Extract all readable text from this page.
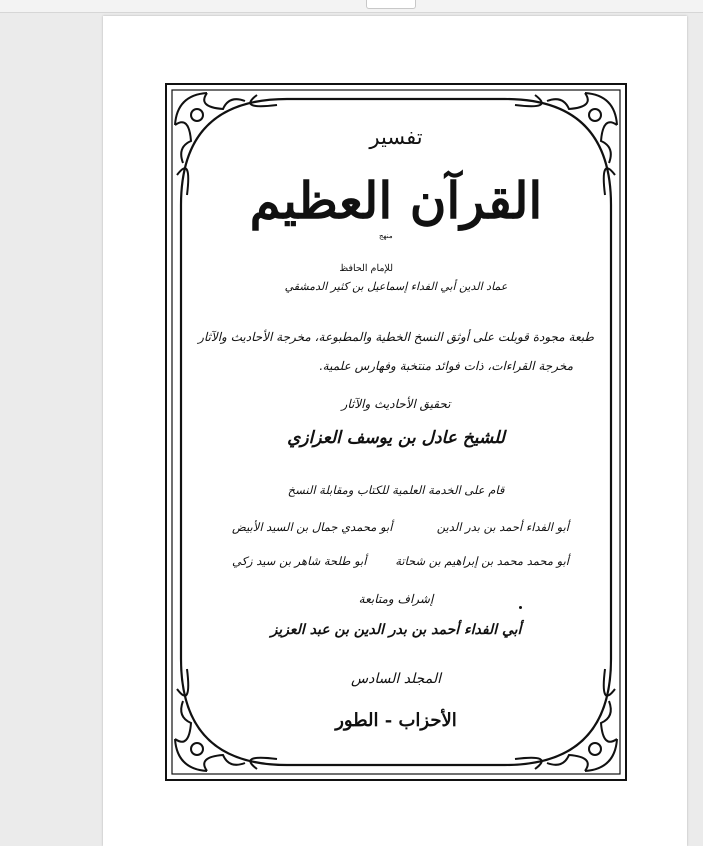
تفسير
القرآن العظيم
منهج
للإمام الحافظ
عماد الدين أبي الفداء إسماعيل بن كثير الدمشقي
طبعة مجودة قوبلت على أوثق النسخ الخطية والمطبوعة، مخرجة الأحاديث والآثار
مخرجة القراءات، ذات فوائد منتخبة وفهارس علمية.
تحقيق الأحاديث والآثار
للشيخ عادل بن يوسف العزازي
قام على الخدمة العلمية للكتاب ومقابلة النسخ
أبو الفداء أحمد بن بدر الدين
أبو محمدي جمال بن السيد الأبيض
أبو محمد محمد بن إبراهيم بن شحاتة
أبو طلحة شاهر بن سيد زكي
إشراف ومتابعة
أبي الفداء أحمد بن بدر الدين بن عبد العزيز
المجلد السادس
الأحزاب - الطور
